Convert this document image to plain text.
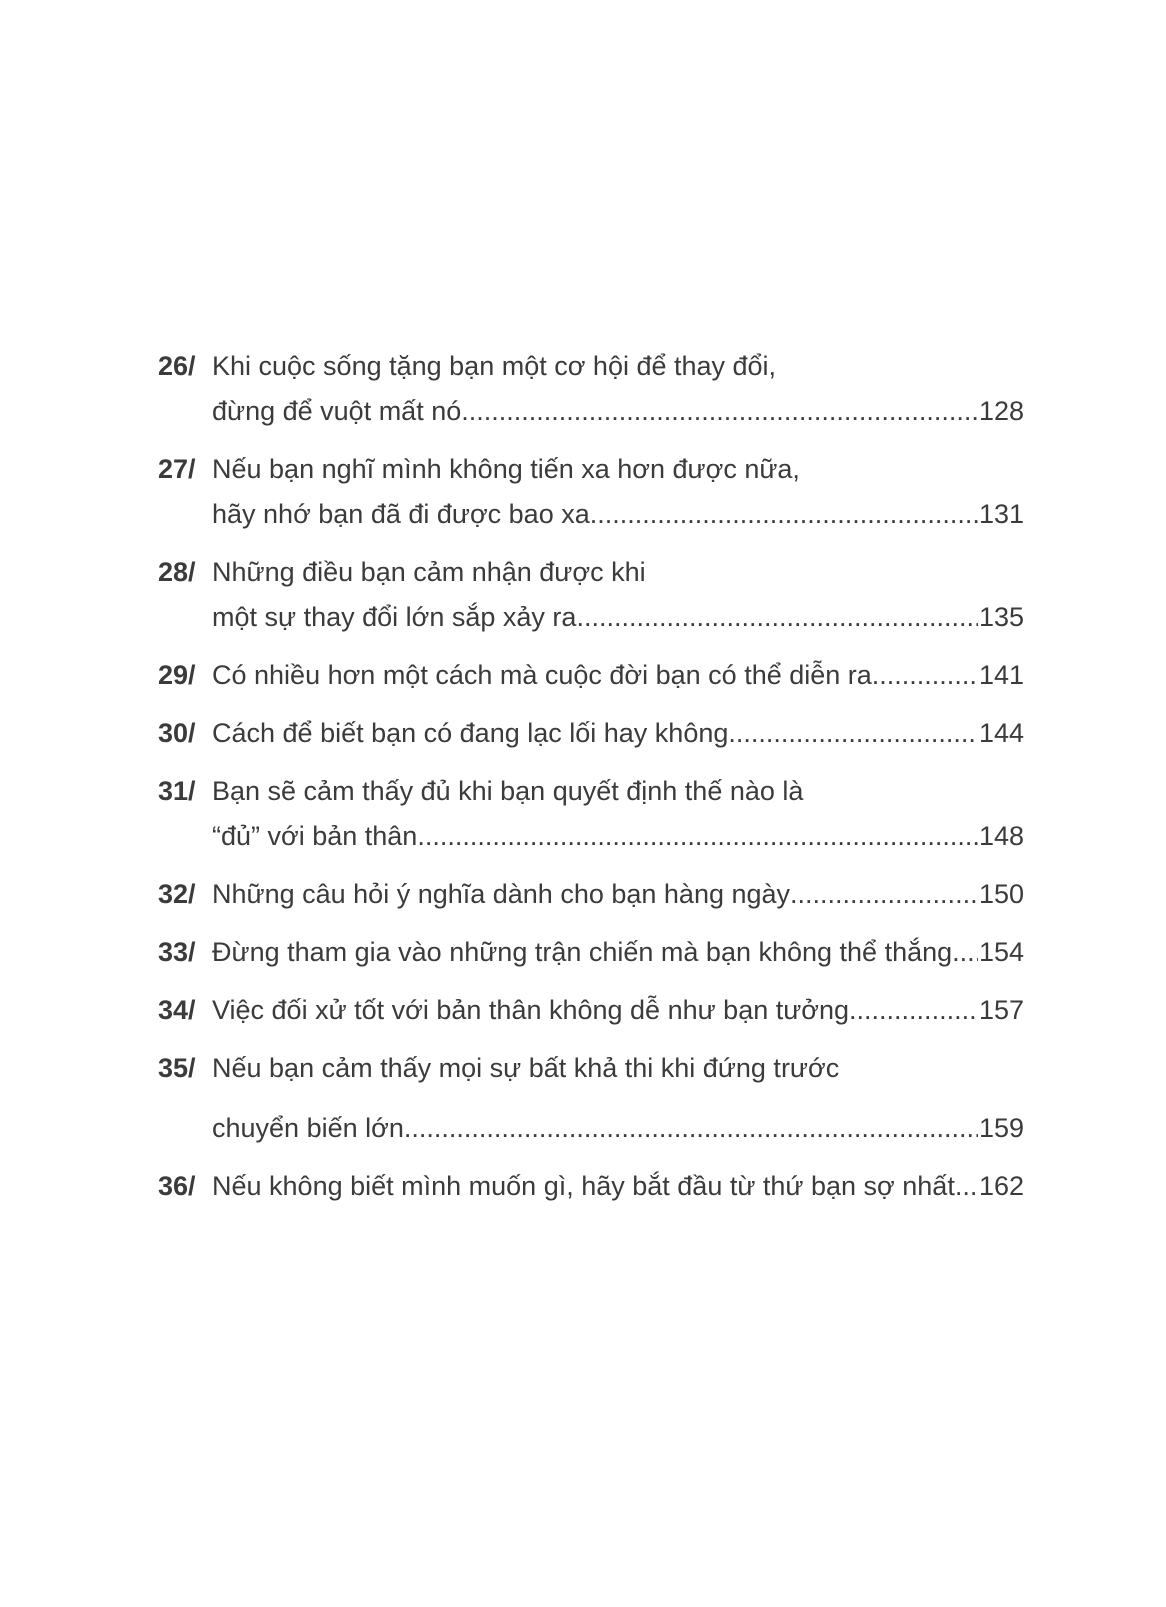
26/ Khi cuộc sống tặng bạn một cơ hội để thay đổi,
đừng để vuột mất nó .....	128
27/ Nếu bạn nghĩ mình không tiến xa hơn được nữa,
hãy nhớ bạn đã đi được bao xa .....	131
28/ Những điều bạn cảm nhận được khi
một sự thay đổi lớn sắp xảy ra .....	135
29/ Có nhiều hơn một cách mà cuộc đời bạn có thể diễn ra .....	141
30/ Cách để biết bạn có đang lạc lối hay không .....	144
31/ Bạn sẽ cảm thấy đủ khi bạn quyết định thế nào là
“đủ” với bản thân .....	148
32/ Những câu hỏi ý nghĩa dành cho bạn hàng ngày .....	150
33/ Đừng tham gia vào những trận chiến mà bạn không thể thắng ..... 154
34/ Việc đối xử tốt với bản thân không dễ như bạn tưởng .....	157
35/ Nếu bạn cảm thấy mọi sự bất khả thi khi đứng trước
chuyển biến lớn .....	159
36/ Nếu không biết mình muốn gì, hãy bắt đầu từ thứ bạn sợ nhất ..... 162
